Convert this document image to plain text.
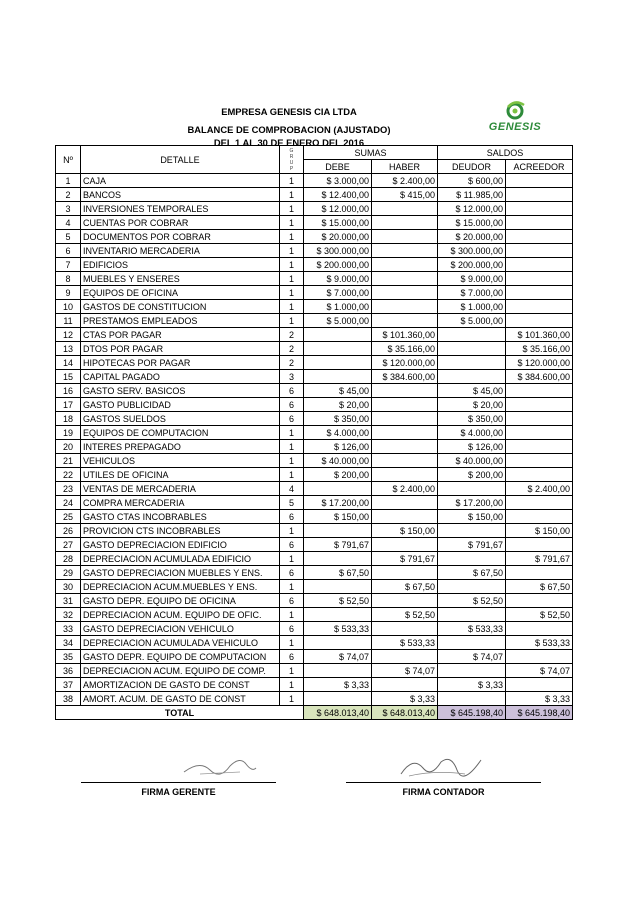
EMPRESA GENESIS CIA LTDA
BALANCE DE COMPROBACION (AJUSTADO)
DEL 1 AL 30 DE ENERO DEL 2016
GENESIS
Nº	DETALLE	G
R
U
P	SUMAS		SALDOS	
			DEBE	HABER	DEUDOR	ACREEDOR
1	CAJA	1	$ 3.000,00	$ 2.400,00	$ 600,00	
2	BANCOS	1	$ 12.400,00	$ 415,00	$ 11.985,00	
3	INVERSIONES TEMPORALES	1	$ 12.000,00		$ 12.000,00	
4	CUENTAS POR COBRAR	1	$ 15.000,00		$ 15.000,00	
5	DOCUMENTOS POR COBRAR	1	$ 20.000,00		$ 20.000,00	
6	INVENTARIO MERCADERIA	1	$ 300.000,00		$ 300.000,00	
7	EDIFICIOS	1	$ 200.000,00		$ 200.000,00	
8	MUEBLES Y ENSERES	1	$ 9.000,00		$ 9.000,00	
9	EQUIPOS DE OFICINA	1	$ 7.000,00		$ 7.000,00	
10	GASTOS DE CONSTITUCION	1	$ 1.000,00		$ 1.000,00	
11	PRESTAMOS EMPLEADOS	1	$ 5.000,00		$ 5.000,00	
12	CTAS POR PAGAR	2		$ 101.360,00		$ 101.360,00
13	DTOS POR PAGAR	2		$ 35.166,00		$ 35.166,00
14	HIPOTECAS POR PAGAR	2		$ 120.000,00		$ 120.000,00
15	CAPITAL PAGADO	3		$ 384.600,00		$ 384.600,00
16	GASTO SERV. BASICOS	6	$ 45,00		$ 45,00	
17	GASTO PUBLICIDAD	6	$ 20,00		$ 20,00	
18	GASTOS SUELDOS	6	$ 350,00		$ 350,00	
19	EQUIPOS DE COMPUTACION	1	$ 4.000,00		$ 4.000,00	
20	INTERES PREPAGADO	1	$ 126,00		$ 126,00	
21	VEHICULOS	1	$ 40.000,00		$ 40.000,00	
22	UTILES DE OFICINA	1	$ 200,00		$ 200,00	
23	VENTAS DE MERCADERIA	4		$ 2.400,00		$ 2.400,00
24	COMPRA MERCADERIA	5	$ 17.200,00		$ 17.200,00	
25	GASTO CTAS INCOBRABLES	6	$ 150,00		$ 150,00	
26	PROVICION CTS INCOBRABLES	1		$ 150,00		$ 150,00
27	GASTO DEPRECIACION EDIFICIO	6	$ 791,67		$ 791,67	
28	DEPRECIACION ACUMULADA EDIFICIO	1		$ 791,67		$ 791,67
29	GASTO DEPRECIACION MUEBLES Y ENS.	6	$ 67,50		$ 67,50	
30	DEPRECIACION ACUM.MUEBLES Y ENS.	1		$ 67,50		$ 67,50
31	GASTO DEPR. EQUIPO DE OFICINA	6	$ 52,50		$ 52,50	
32	DEPRECIACION ACUM. EQUIPO DE OFIC.	1		$ 52,50		$ 52,50
33	GASTO DEPRECIACION VEHICULO	6	$ 533,33		$ 533,33	
34	DEPRECIACION ACUMULADA VEHICULO	1		$ 533,33		$ 533,33
35	GASTO DEPR. EQUIPO DE COMPUTACION	6	$ 74,07		$ 74,07	
36	DEPRECIACION ACUM. EQUIPO DE COMP.	1		$ 74,07		$ 74,07
37	AMORTIZACION DE GASTO DE CONST	1	$ 3,33		$ 3,33	
38	AMORT. ACUM. DE GASTO DE CONST	1		$ 3,33		$ 3,33
TOTAL			$ 648.013,40	$ 648.013,40	$ 645.198,40	$ 645.198,40
FIRMA GERENTE	FIRMA CONTADOR
